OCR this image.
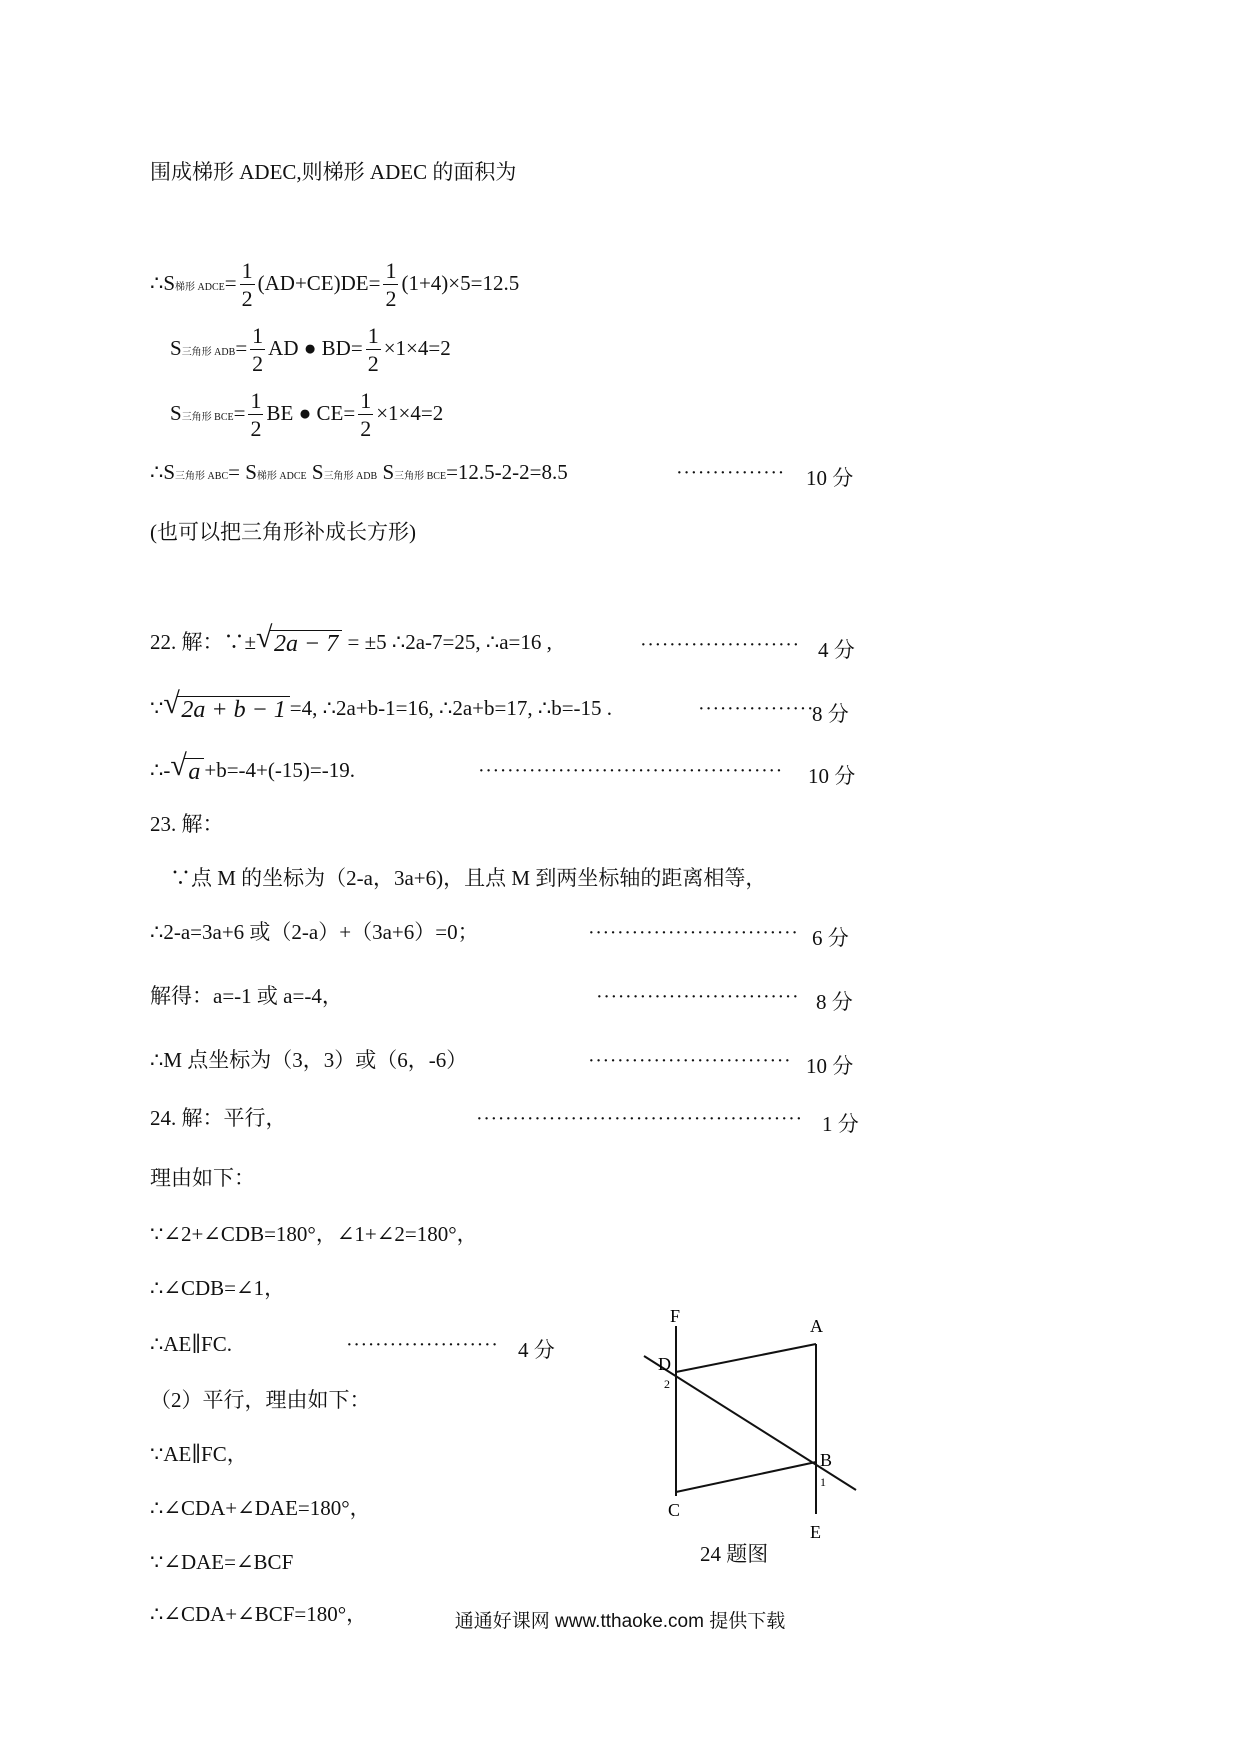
围成梯形 ADEC,则梯形 ADEC 的面积为
∴S梯形 ADCE= $\frac{1}{2} (AD+CE)DE= \frac{1}{2} (1+4)\times 5=12.5$
S三角形 $ADB= \frac{1}{2}$ AD ● $BD= \frac{1}{2} \times 1\times 4=2$
S三角形 $BCE= \frac{1}{2}$ BE ● $CE= \frac{1}{2} \times 1\times 4=2$
∴S三角形 ABC= S梯形 ADCE S三角形 ADB S三角形 BCE=12.5-2-2=8.5	··············· 10 分
(也可以把三角形补成长方形)
22. 解：∵± √ 2a − 7 = ±5 ∴2a-7=25, ∴a=16 ,	······················ 4 分
∵ √ 2a + b − 1 =4, ∴2a+b-1=16, ∴2a+b=17, ∴b=-15 .	················
8 分
∴- √ a +b=-4+(-15)=-19.	·········································· 10 分
23. 解：
∵点 M 的坐标为（2-a，3a+6)，且点 M 到两坐标轴的距离相等，
∴2-a=3a+6 或（2-a）+（3a+6）=0；	····························· 6 分
解得：a=-1 或 a=-4，	···························· 8 分
∴M 点坐标为（3，3）或（6，-6）	···························· 10 分
24. 解：平行，	············································· 1 分
理由如下：
∵∠2+∠CDB=180°，∠1+∠2=180°，
∴∠CDB=∠1，
∴AE∥FC.	····················· 4 分
（2）平行，理由如下：
∵AE∥FC，
∴∠CDA+∠DAE=180°，
∵∠DAE=∠BCF
∴∠CDA+∠BCF=180°，
F	A
D
2
B
1
C
E
24 题图
通通好课网 www.tthaoke.com 提供下载
